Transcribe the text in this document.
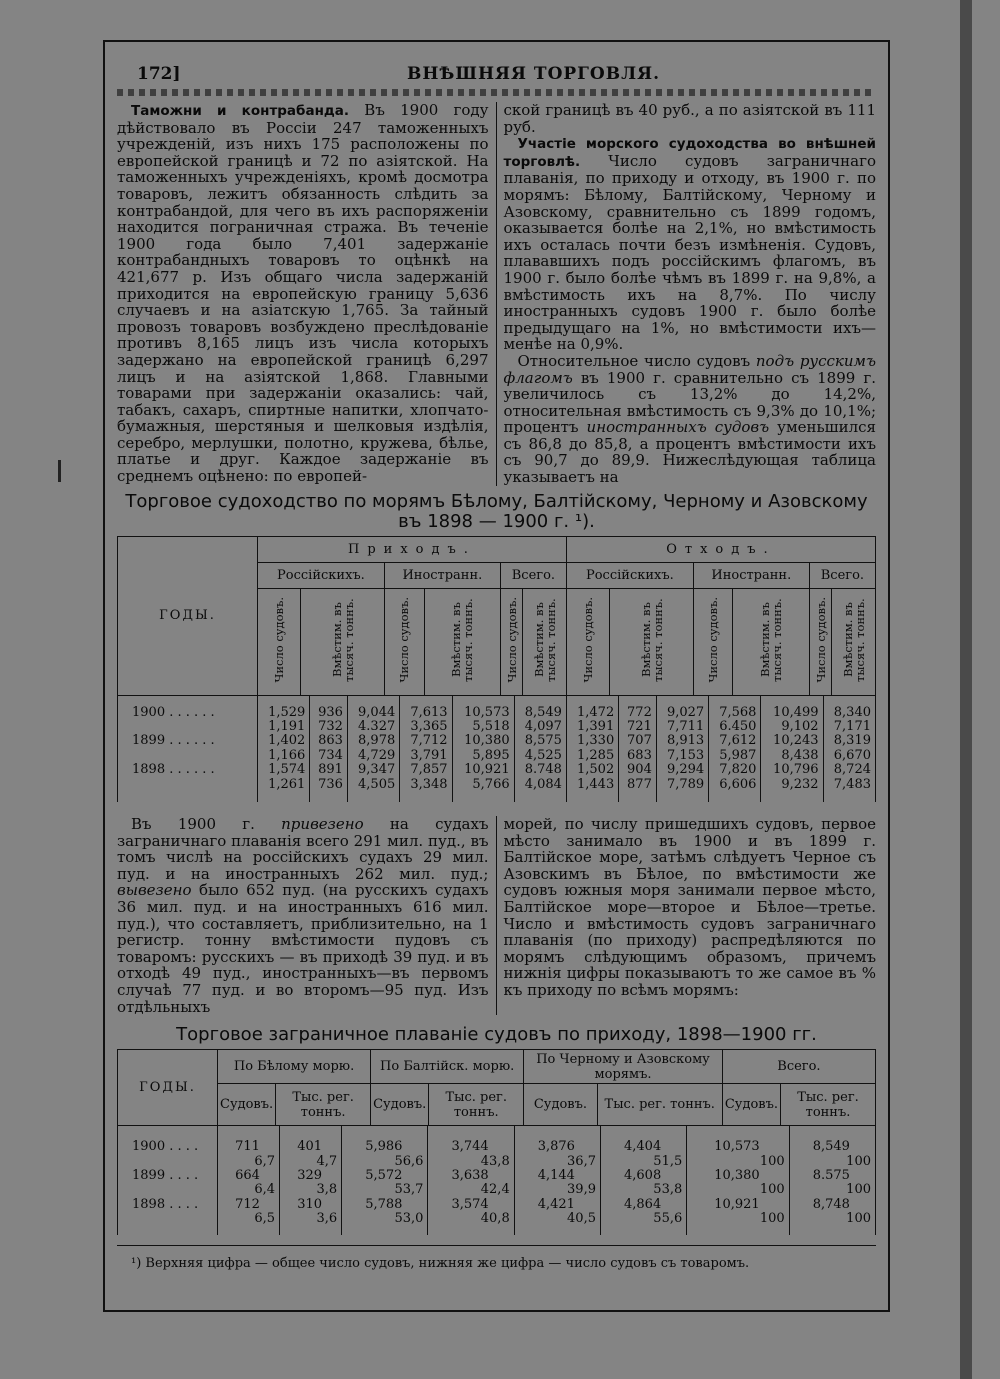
172]	ВНѢШНЯЯ ТОРГОВЛЯ.

Таможни и контрабанда. Въ 1900 году дѣйствовало въ Россіи 247 таможенныхъ учрежденій, изъ нихъ 175 расположены по европейской границѣ и 72 по азіятской. На таможенныхъ учрежденіяхъ, кромѣ досмотра товаровъ, лежитъ обязанность слѣдить за контрабандой, для чего въ ихъ распоряженіи находится пограничная стража. Въ теченіе 1900 года было 7,401 задержаніе контрабандныхъ товаровъ то оцѣнкѣ на 421,677 р. Изъ общаго числа задержаній приходится на европейскую границу 5,636 случаевъ и на азіатскую 1,765. За тайный провозъ товаровъ возбуждено преслѣдованіе противъ 8,165 лицъ изъ числа которыхъ задержано на европейской границѣ 6,297 лицъ и на азіятской 1,868. Главными товарами при задержаніи оказались: чай, табакъ, сахаръ, спиртные напитки, хлопчато-бумажныя, шерстяныя и шелковыя издѣлія, серебро, мерлушки, полотно, кружева, бѣлье, платье и друг. Каждое задержаніе въ среднемъ оцѣнено: по европей-

ской границѣ въ 40 руб., а по азіятской въ 111 руб.

Участіе морского судоходства во внѣшней торговлѣ. Число судовъ заграничнаго плаванія, по приходу и отходу, въ 1900 г. по морямъ: Бѣлому, Балтійскому, Черному и Азовскому, сравнительно съ 1899 годомъ, оказывается болѣе на 2,1%, но вмѣстимость ихъ осталась почти безъ измѣненія. Судовъ, плававшихъ подъ россійскимъ флагомъ, въ 1900 г. было болѣе чѣмъ въ 1899 г. на 9,8%, а вмѣстимость ихъ на 8,7%. По числу иностранныхъ судовъ 1900 г. было болѣе предыдущаго на 1%, но вмѣстимости ихъ—менѣе на 0,9%.

Относительное число судовъ подъ русскимъ флагомъ въ 1900 г. сравнительно съ 1899 г. увеличилось съ 13,2% до 14,2%, относительная вмѣстимость съ 9,3% до 10,1%; процентъ иностранныхъ судовъ уменьшился съ 86,8 до 85,8, а процентъ вмѣстимости ихъ съ 90,7 до 89,9. Нижеслѣдующая таблица указываетъ на

Торговое судоходство по морямъ Бѣлому, Балтійскому, Черному и Азовскому въ 1898 — 1900 г. ¹).
ГОДЫ.	Приходъ.						Отходъ.					
	Россійскихъ.		Иностранн.		Всего.		Россійскихъ.		Иностранн.		Всего.	
	Число судовъ.	Вмѣстим. въ тысяч. тоннъ.	Число судовъ.	Вмѣстим. въ тысяч. тоннъ.	Число судовъ.	Вмѣстим. въ тысяч. тоннъ.	Число судовъ.	Вмѣстим. въ тысяч. тоннъ.	Число судовъ.	Вмѣстим. въ тысяч. тоннъ.	Число судовъ.	Вмѣстим. въ тысяч. тоннъ.
1900 . . . . . .	1,529	936	9,044	7,613	10,573	8,549	1,472	772	9,027	7,568	10,499	8,340
	1,191	732	4.327	3,365	5,518	4,097	1,391	721	7,711	6.450	9,102	7,171
1899 . . . . . .	1,402	863	8,978	7,712	10,380	8,575	1,330	707	8,913	7,612	10,243	8,319
	1,166	734	4,729	3,791	5,895	4,525	1,285	683	7,153	5,987	8,438	6,670
1898 . . . . . .	1,574	891	9,347	7,857	10,921	8.748	1,502	904	9,294	7,820	10,796	8,724
	1,261	736	4,505	3,348	5,766	4,084	1,443	877	7,789	6,606	9,232	7,483

Въ 1900 г. привезено на судахъ заграничнаго плаванія всего 291 мил. пуд., въ томъ числѣ на россійскихъ судахъ 29 мил. пуд. и на иностранныхъ 262 мил. пуд.; вывезено было 652 пуд. (на русскихъ судахъ 36 мил. пуд. и на иностранныхъ 616 мил. пуд.), что составляетъ, приблизительно, на 1 регистр. тонну вмѣстимости пудовъ съ товаромъ: русскихъ — въ приходѣ 39 пуд. и въ отходѣ 49 пуд., иностранныхъ—въ первомъ случаѣ 77 пуд. и во второмъ—95 пуд. Изъ отдѣльныхъ

морей, по числу пришедшихъ судовъ, первое мѣсто занимало въ 1900 и въ 1899 г. Балтійское море, затѣмъ слѣдуетъ Черное съ Азовскимъ въ Бѣлое, по вмѣстимости же судовъ южныя моря занимали первое мѣсто, Балтійское море—второе и Бѣлое—третье. Число и вмѣстимость судовъ заграничнаго плаванія (по приходу) распредѣляются по морямъ слѣдующимъ образомъ, причемъ нижнія цифры показываютъ то же самое въ % къ приходу по всѣмъ морямъ:

Торговое заграничное плаваніе судовъ по приходу, 1898—1900 гг.
ГОДЫ.	По Бѣлому морю.		По Балтійск. морю.		По Черному и Азовскому морямъ.		Всего.	
	Судовъ.	Тыс. рег. тоннъ.	Судовъ.	Тыс. рег. тоннъ.	Судовъ.	Тыс. рег. тоннъ.	Судовъ.	Тыс. рег. тоннъ.
1900 . . . .	711	401	5,986	3,744	3,876	4,404	10,573	8,549
	6,7	4,7	56,6	43,8	36,7	51,5	100	100
1899 . . . .	664	329	5,572	3,638	4,144	4,608	10,380	8.575
	6,4	3,8	53,7	42,4	39,9	53,8	100	100
1898 . . . .	712	310	5,788	3,574	4,421	4,864	10,921	8,748
	6,5	3,6	53,0	40,8	40,5	55,6	100	100
¹) Верхняя цифра — общее число судовъ, нижняя же цифра — число судовъ съ товаромъ.
